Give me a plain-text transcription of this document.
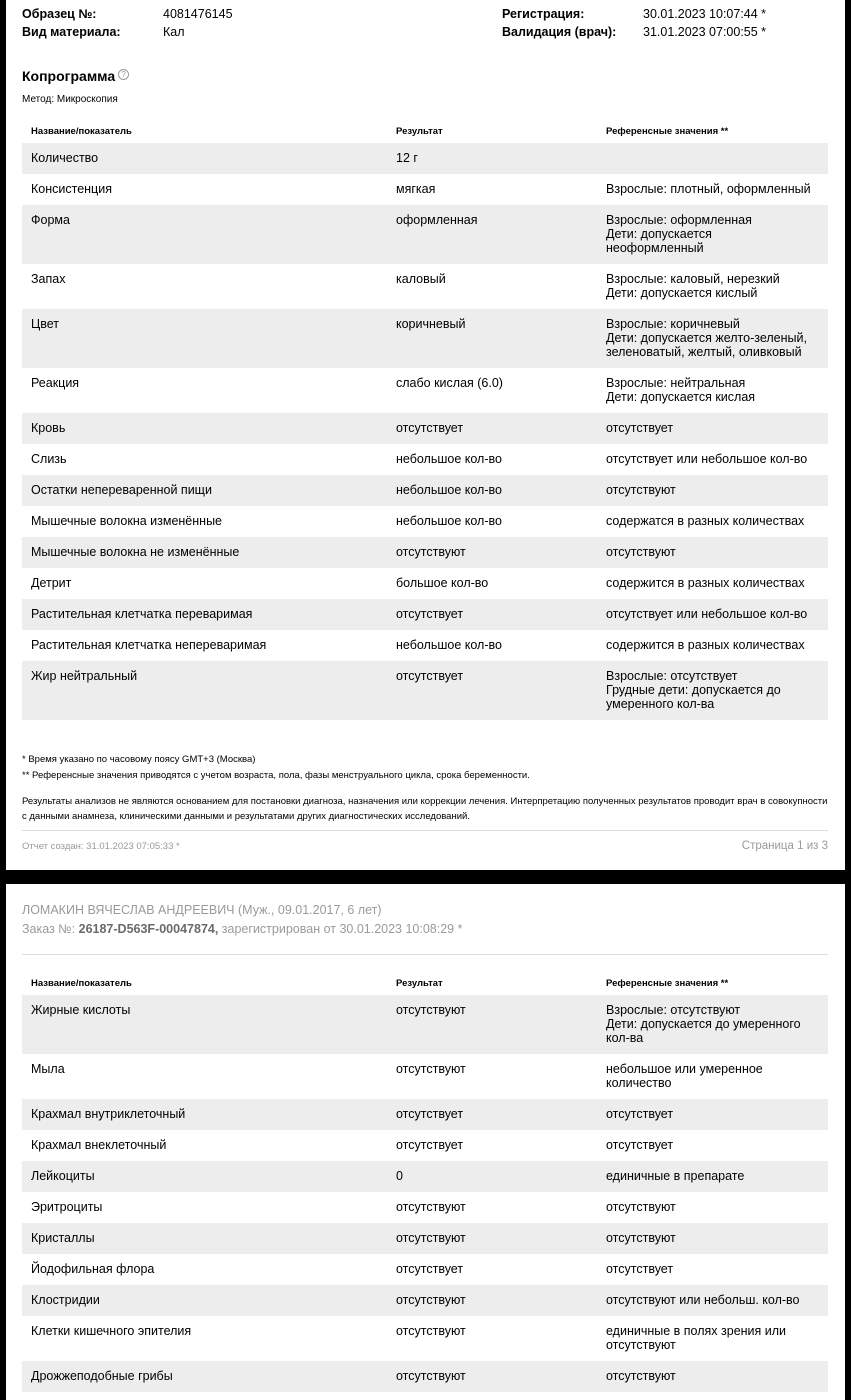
Образец №:	4081476145
Вид материала:	Кал
Регистрация:	30.01.2023 10:07:44 *
Валидация (врач): 31.01.2023 07:00:55 *
Копрограмма ?
Метод: Микроскопия
Название/показатель	Результат	Референсные значения **
Количество	12 г
Консистенция	мягкая	Взрослые: плотный, оформленный
Форма	оформленная	Взрослые: оформленная
Дети: допускается
неоформленный
Запах	каловый	Взрослые: каловый, нерезкий
Дети: допускается кислый
Цвет	коричневый	Взрослые: коричневый
Дети: допускается желто-зеленый,
зеленоватый, желтый, оливковый
Реакция	слабо кислая (6.0)	Взрослые: нейтральная
Дети: допускается кислая
Кровь	отсутствует	отсутствует
Слизь	небольшое кол-во	отсутствует или небольшое кол-во
Остатки непереваренной пищи	небольшое кол-во	отсутствуют
Мышечные волокна изменённые	небольшое кол-во	содержатся в разных количествах
Мышечные волокна не изменённые	отсутствуют	отсутствуют
Детрит	большое кол-во	содержится в разных количествах
Растительная клетчатка переваримая	отсутствует	отсутствует или небольшое кол-во
Растительная клетчатка непереваримая	небольшое кол-во	содержится в разных количествах
Жир нейтральный	отсутствует	Взрослые: отсутствует
Грудные дети: допускается до
умеренного кол-ва
* Время указано по часовому поясу GMT+3 (Москва)
** Референсные значения приводятся с учетом возраста, пола, фазы менструального цикла, срока беременности.
Результаты анализов не являются основанием для постановки диагноза, назначения или коррекции лечения. Интерпретацию полученных результатов проводит врач в совокупности с данными анамнеза, клиническими данными и результатами других диагностических исследований.
Отчет создан: 31.01.2023 07:05:33 *	Страница 1 из 3
ЛОМАКИН ВЯЧЕСЛАВ АНДРЕЕВИЧ (Муж., 09.01.2017, 6 лет)
Заказ №: 26187-D563F-00047874, зарегистрирован от 30.01.2023 10:08:29 *
Название/показатель	Результат	Референсные значения **
Жирные кислоты	отсутствуют	Взрослые: отсутствуют
Дети: допускается до умеренного
кол-ва
Мыла	отсутствуют	небольшое или умеренное
количество
Крахмал внутриклеточный	отсутствует	отсутствует
Крахмал внеклеточный	отсутствует	отсутствует
Лейкоциты	0	единичные в препарате
Эритроциты	отсутствуют	отсутствуют
Кристаллы	отсутствуют	отсутствуют
Йодофильная флора	отсутствует	отсутствует
Клостридии	отсутствуют	отсутствуют или небольш. кол-во
Клетки кишечного эпителия	отсутствуют	единичные в полях зрения или
отсутствуют
Дрожжеподобные грибы	отсутствуют	отсутствуют
